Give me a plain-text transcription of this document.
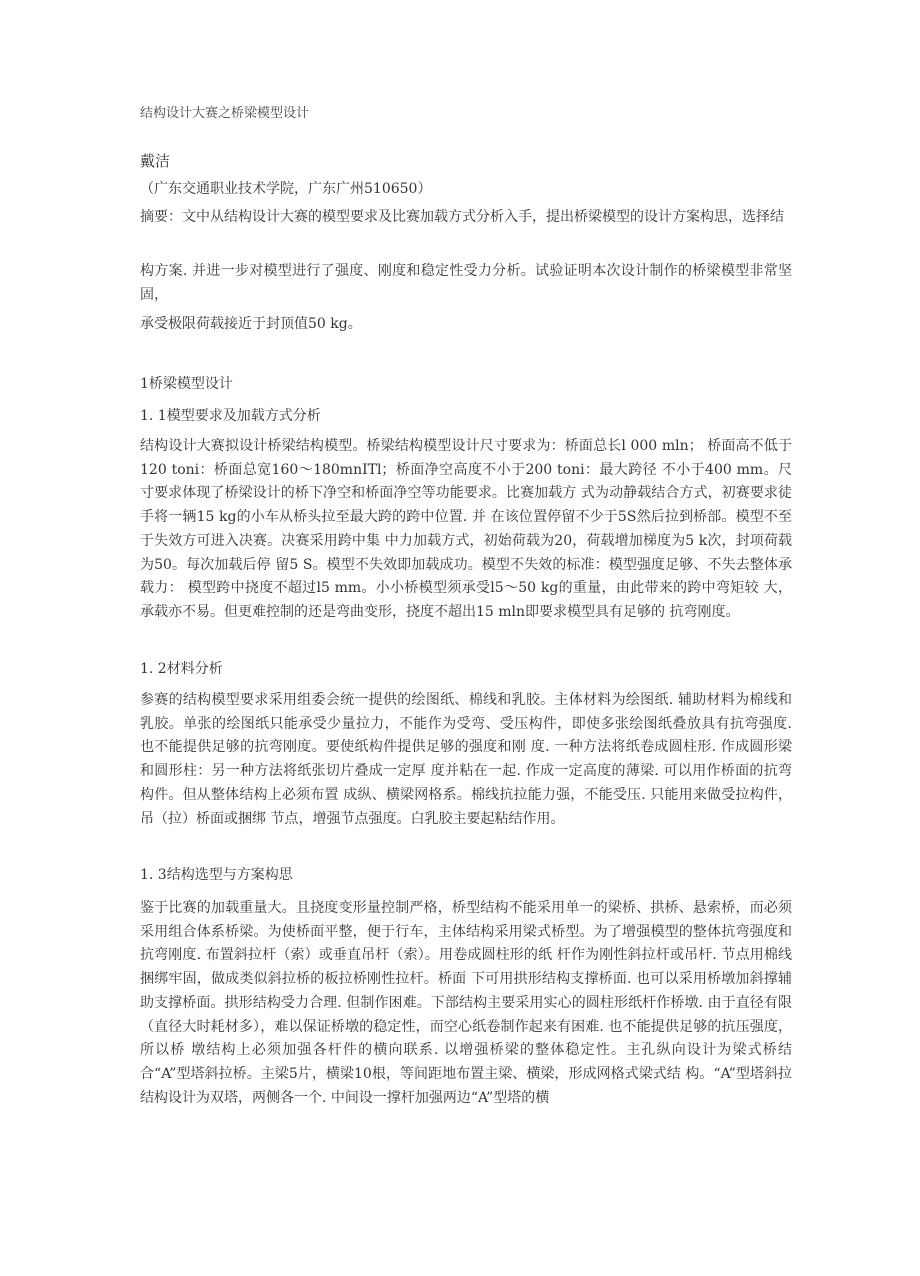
结构设计大赛之桥梁模型设计
戴洁
（广东交通职业技术学院，广东广州510650）

摘要：文中从结构设计大赛的模型要求及比赛加载方式分析入手，提出桥梁模型的设计方案构思，选择结

构方案. 并进一步对模型进行了强度、刚度和稳定性受力分析。试验证明本次设计制作的桥梁模型非常坚固，

承受极限荷载接近于封顶值50 kg。

1桥梁模型设计
1. 1模型要求及加载方式分析

结构设计大赛拟设计桥梁结构模型。桥梁结构模型设计尺寸要求为：桥面总长l 000 mln； 桥面高不低于120 toni：桥面总宽160～180mnITl；桥面净空高度不小于200 toni：最大跨径 不小于400 mm。尺寸要求体现了桥梁设计的桥下净空和桥面净空等功能要求。比赛加载方 式为动静载结合方式，初赛要求徒手将一辆15 kg的小车从桥头拉至最大跨的跨中位置. 并 在该位置停留不少于5S然后拉到桥部。模型不至于失效方可进入决赛。决赛采用跨中集 中力加载方式，初始荷载为20，荷载增加梯度为5 k次，封项荷载为50。每次加载后停 留5 S。模型不失效即加载成功。模型不失效的标准：模型强度足够、不失去整体承载力： 模型跨中挠度不超过l5 mm。小小桥模型须承受l5～50 kg的重量，由此带来的跨中弯矩较 大，承载亦不易。但更难控制的还是弯曲变形，挠度不超出15 mln即要求模型具有足够的 抗弯刚度。

1. 2材料分析

参赛的结构模型要求采用组委会统一提供的绘图纸、棉线和乳胶。主体材料为绘图纸. 辅助材料为棉线和乳胶。单张的绘图纸只能承受少量拉力，不能作为受弯、受压构件，即使多张绘图纸叠放具有抗弯强度. 也不能提供足够的抗弯刚度。要使纸构件提供足够的强度和刚 度. 一种方法将纸卷成圆柱形. 作成圆形梁和圆形柱：另一种方法将纸张切片叠成一定厚 度并粘在一起. 作成一定高度的薄梁. 可以用作桥面的抗弯构件。但从整体结构上必须布置 成纵、横梁网格系。棉线抗拉能力强，不能受压. 只能用来做受拉构件，吊（拉）桥面或捆绑 节点，增强节点强度。白乳胶主要起粘结作用。

1. 3结构选型与方案构思

鉴于比赛的加载重量大。且挠度变形量控制严格，桥型结构不能采用单一的梁桥、拱桥、悬索桥，而必须采用组合体系桥梁。为使桥面平整，便于行车，主体结构采用梁式桥型。为了增强模型的整体抗弯强度和抗弯刚度. 布置斜拉杆（索）或垂直吊杆（索）。用卷成圆柱形的纸 杆作为刚性斜拉杆或吊杆. 节点用棉线捆绑牢固，做成类似斜拉桥的板拉桥刚性拉杆。桥面 下可用拱形结构支撑桥面. 也可以采用桥墩加斜撑辅助支撑桥面。拱形结构受力合理. 但制作困难。下部结构主要采用实心的圆柱形纸杆作桥墩. 由于直径有限（直径大时耗材多），难以保证桥墩的稳定性，而空心纸卷制作起来有困难. 也不能提供足够的抗压强度，所以桥 墩结构上必须加强各杆件的横向联系. 以增强桥梁的整体稳定性。主孔纵向设计为梁式桥结 合“A”型塔斜拉桥。主梁5片，横梁10根，等间距地布置主梁、横梁，形成网格式梁式结 构。“A”型塔斜拉结构设计为双塔，两侧各一个. 中间设一撑杆加强两边“A”型塔的横
